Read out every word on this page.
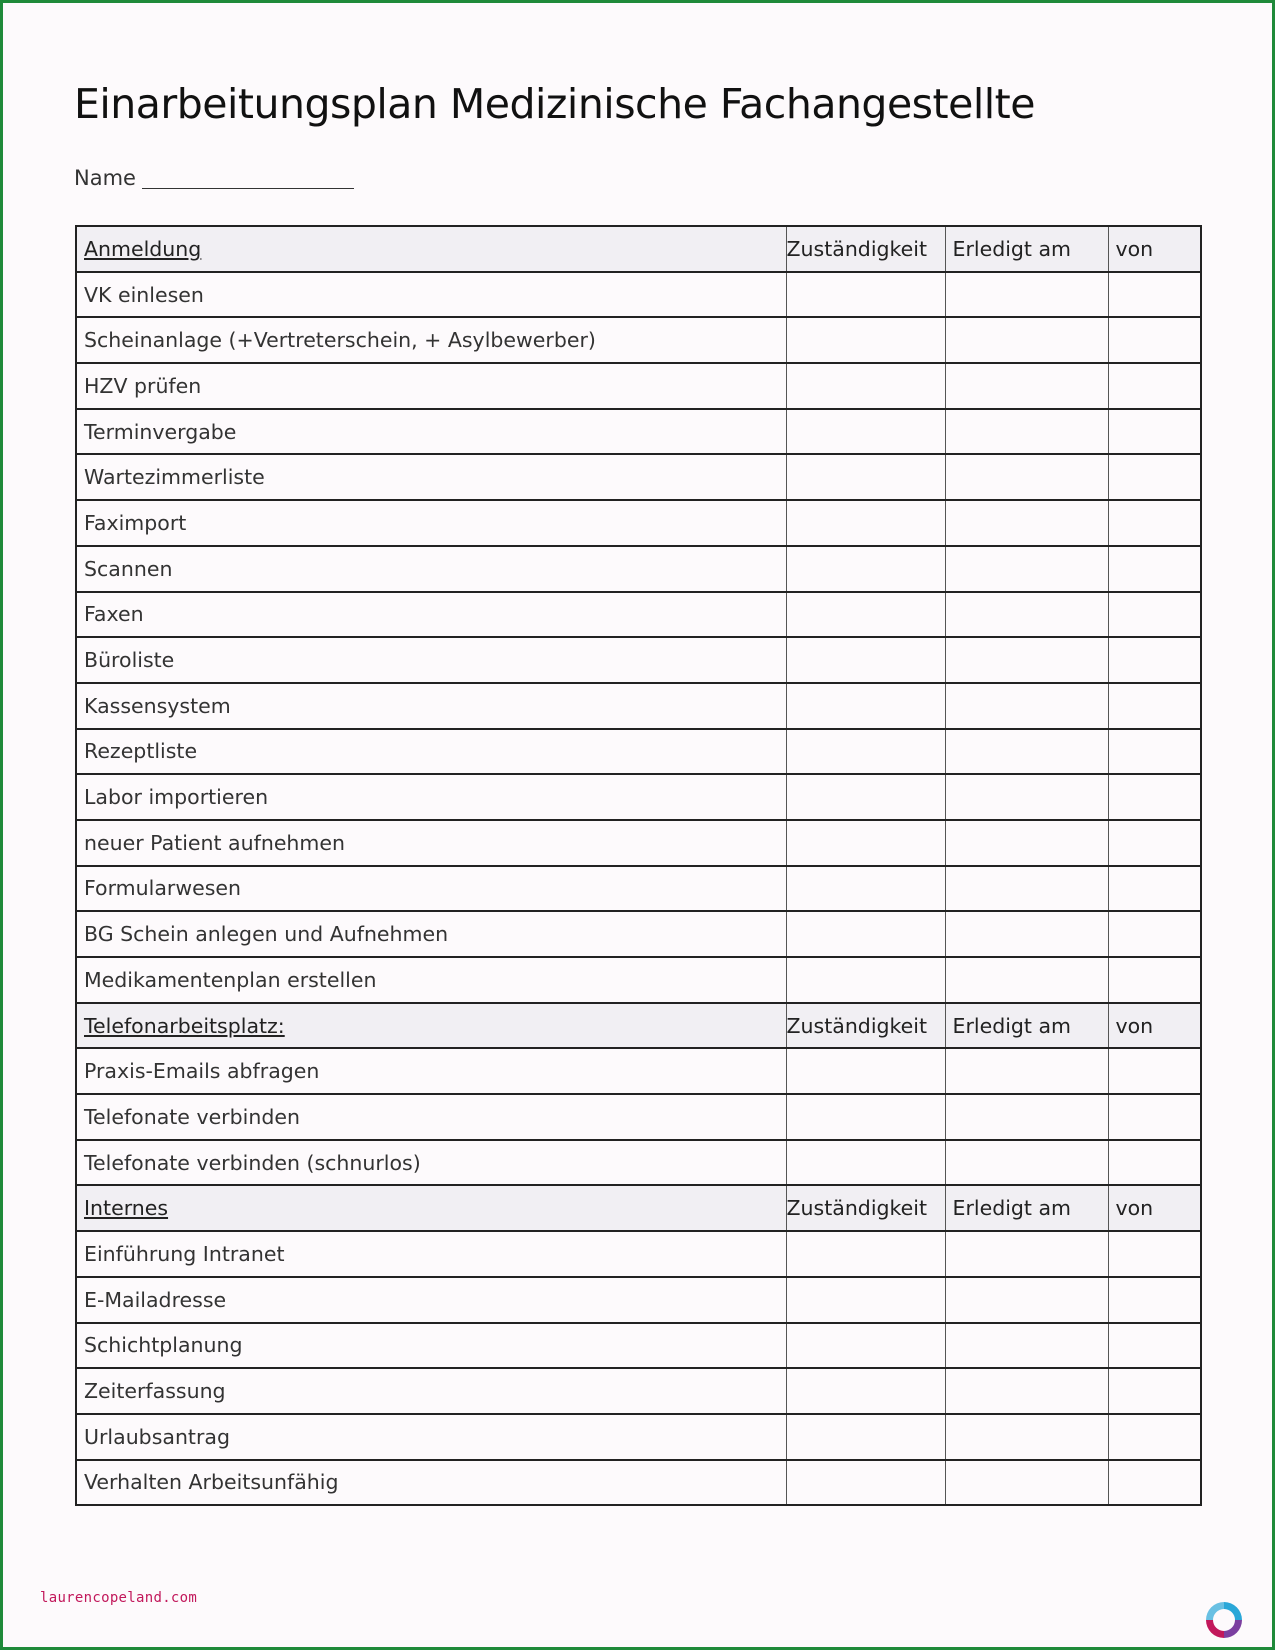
Einarbeitungsplan Medizinische Fachangestellte
Name
Anmeldung	Zuständigkeit	Erledigt am	von
VK einlesen			
Scheinanlage (+Vertreterschein, + Asylbewerber)			
HZV prüfen			
Terminvergabe			
Wartezimmerliste			
Faximport			
Scannen			
Faxen			
Büroliste			
Kassensystem			
Rezeptliste			
Labor importieren			
neuer Patient aufnehmen			
Formularwesen			
BG Schein anlegen und Aufnehmen			
Medikamentenplan erstellen			
Telefonarbeitsplatz:	Zuständigkeit	Erledigt am	von
Praxis-Emails abfragen			
Telefonate verbinden			
Telefonate verbinden (schnurlos)			
Internes	Zuständigkeit	Erledigt am	von
Einführung Intranet			
E-Mailadresse			
Schichtplanung			
Zeiterfassung			
Urlaubsantrag			
Verhalten Arbeitsunfähig			
laurencopeland.com
